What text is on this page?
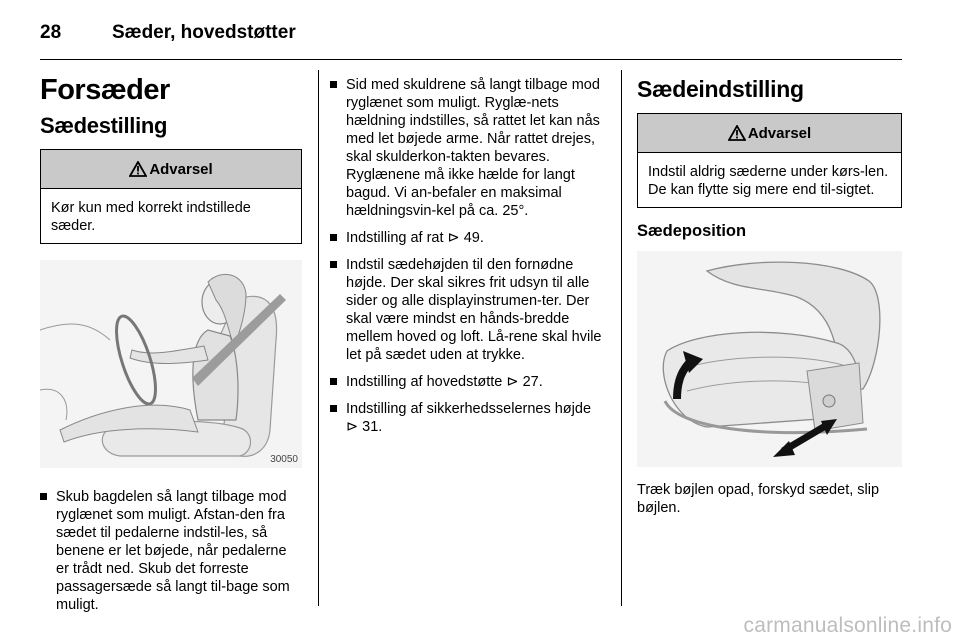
28	Sæder, hovedstøtter
Forsæder
Sædestilling
Advarsel
Kør kun med korrekt indstillede sæder.
30050
Skub bagdelen så langt tilbage mod ryglænet som muligt. Afstan-den fra sædet til pedalerne indstil-les, så benene er let bøjede, når pedalerne er trådt ned. Skub det forreste passagersæde så langt til-bage som muligt.
Sid med skuldrene så langt tilbage mod ryglænet som muligt. Ryglæ-nets hældning indstilles, så rattet let kan nås med let bøjede arme. Når rattet drejes, skal skulderkon-takten bevares. Ryglænene må ikke hælde for langt bagud. Vi an-befaler en maksimal hældningsvin-kel på ca. 25°.
Indstilling af rat ⊳ 49.
Indstil sædehøjden til den fornødne højde. Der skal sikres frit udsyn til alle sider og alle displayinstrumen-ter. Der skal være mindst en hånds-bredde mellem hoved og loft. Lå-rene skal hvile let på sædet uden at trykke.
Indstilling af hovedstøtte ⊳ 27.
Indstilling af sikkerhedsselernes højde ⊳ 31.
Sædeindstilling
Advarsel
Indstil aldrig sæderne under kørs-len. De kan flytte sig mere end til-sigtet.
Sædeposition

Træk bøjlen opad, forskyd sædet, slip bøjlen.

carmanualsonline.info
